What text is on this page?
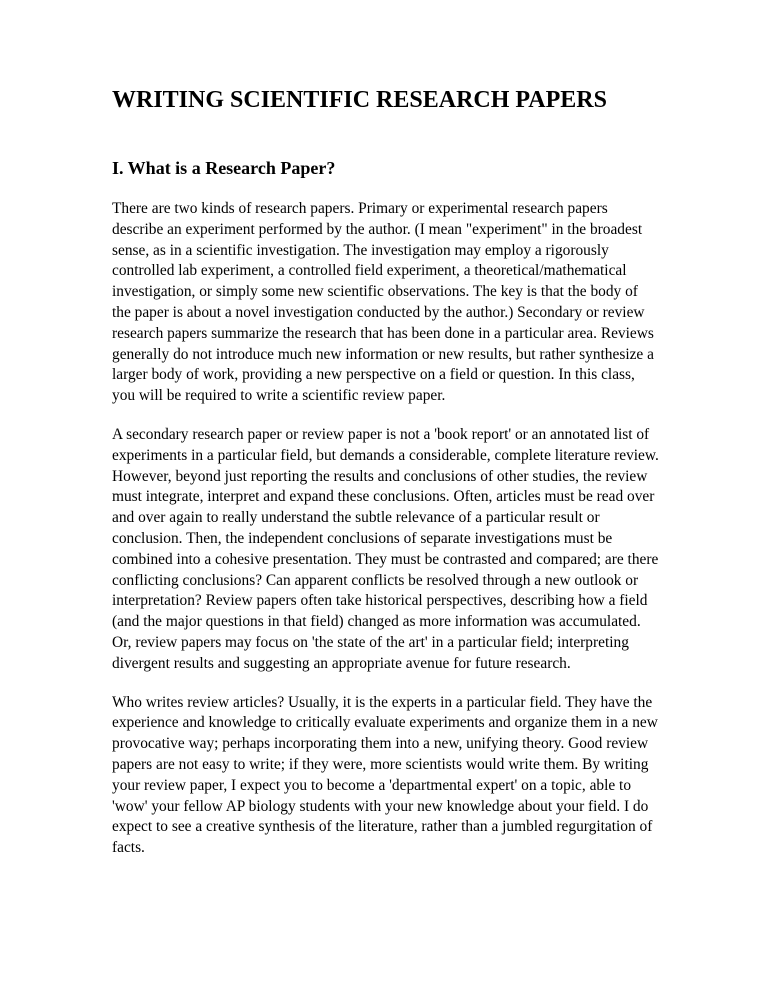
WRITING SCIENTIFIC RESEARCH PAPERS
I. What is a Research Paper?

There are two kinds of research papers. Primary or experimental research papers describe an experiment performed by the author. (I mean "experiment" in the broadest sense, as in a scientific investigation. The investigation may employ a rigorously controlled lab experiment, a controlled field experiment, a theoretical/mathematical investigation, or simply some new scientific observations. The key is that the body of the paper is about a novel investigation conducted by the author.) Secondary or review research papers summarize the research that has been done in a particular area. Reviews generally do not introduce much new information or new results, but rather synthesize a larger body of work, providing a new perspective on a field or question. In this class, you will be required to write a scientific review paper.

A secondary research paper or review paper is not a 'book report' or an annotated list of experiments in a particular field, but demands a considerable, complete literature review. However, beyond just reporting the results and conclusions of other studies, the review must integrate, interpret and expand these conclusions. Often, articles must be read over and over again to really understand the subtle relevance of a particular result or conclusion. Then, the independent conclusions of separate investigations must be combined into a cohesive presentation. They must be contrasted and compared; are there conflicting conclusions? Can apparent conflicts be resolved through a new outlook or interpretation? Review papers often take historical perspectives, describing how a field (and the major questions in that field) changed as more information was accumulated. Or, review papers may focus on 'the state of the art' in a particular field; interpreting divergent results and suggesting an appropriate avenue for future research.

Who writes review articles? Usually, it is the experts in a particular field. They have the experience and knowledge to critically evaluate experiments and organize them in a new provocative way; perhaps incorporating them into a new, unifying theory. Good review papers are not easy to write; if they were, more scientists would write them. By writing your review paper, I expect you to become a 'departmental expert' on a topic, able to 'wow' your fellow AP biology students with your new knowledge about your field. I do expect to see a creative synthesis of the literature, rather than a jumbled regurgitation of facts.
